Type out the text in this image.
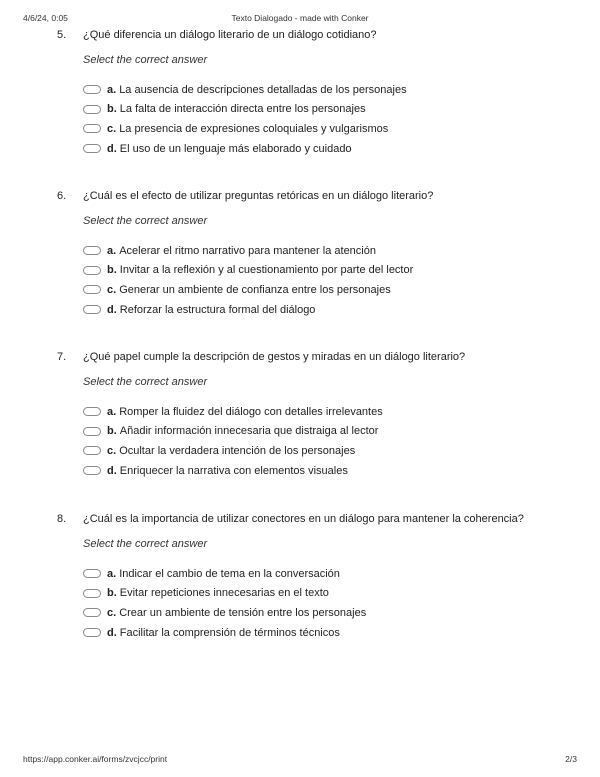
4/6/24, 0:05	Texto Dialogado - made with Conker
5. ¿Qué diferencia un diálogo literario de un diálogo cotidiano?
Select the correct answer
a. La ausencia de descripciones detalladas de los personajes
b. La falta de interacción directa entre los personajes
c. La presencia de expresiones coloquiales y vulgarismos
d. El uso de un lenguaje más elaborado y cuidado
6. ¿Cuál es el efecto de utilizar preguntas retóricas en un diálogo literario?
Select the correct answer
a. Acelerar el ritmo narrativo para mantener la atención
b. Invitar a la reflexión y al cuestionamiento por parte del lector
c. Generar un ambiente de confianza entre los personajes
d. Reforzar la estructura formal del diálogo
7. ¿Qué papel cumple la descripción de gestos y miradas en un diálogo literario?
Select the correct answer
a. Romper la fluidez del diálogo con detalles irrelevantes
b. Añadir información innecesaria que distraiga al lector
c. Ocultar la verdadera intención de los personajes
d. Enriquecer la narrativa con elementos visuales
8. ¿Cuál es la importancia de utilizar conectores en un diálogo para mantener la coherencia?
Select the correct answer
a. Indicar el cambio de tema en la conversación
b. Evitar repeticiones innecesarias en el texto
c. Crear un ambiente de tensión entre los personajes
d. Facilitar la comprensión de términos técnicos
https://app.conker.ai/forms/zvcjcc/print	2/3
